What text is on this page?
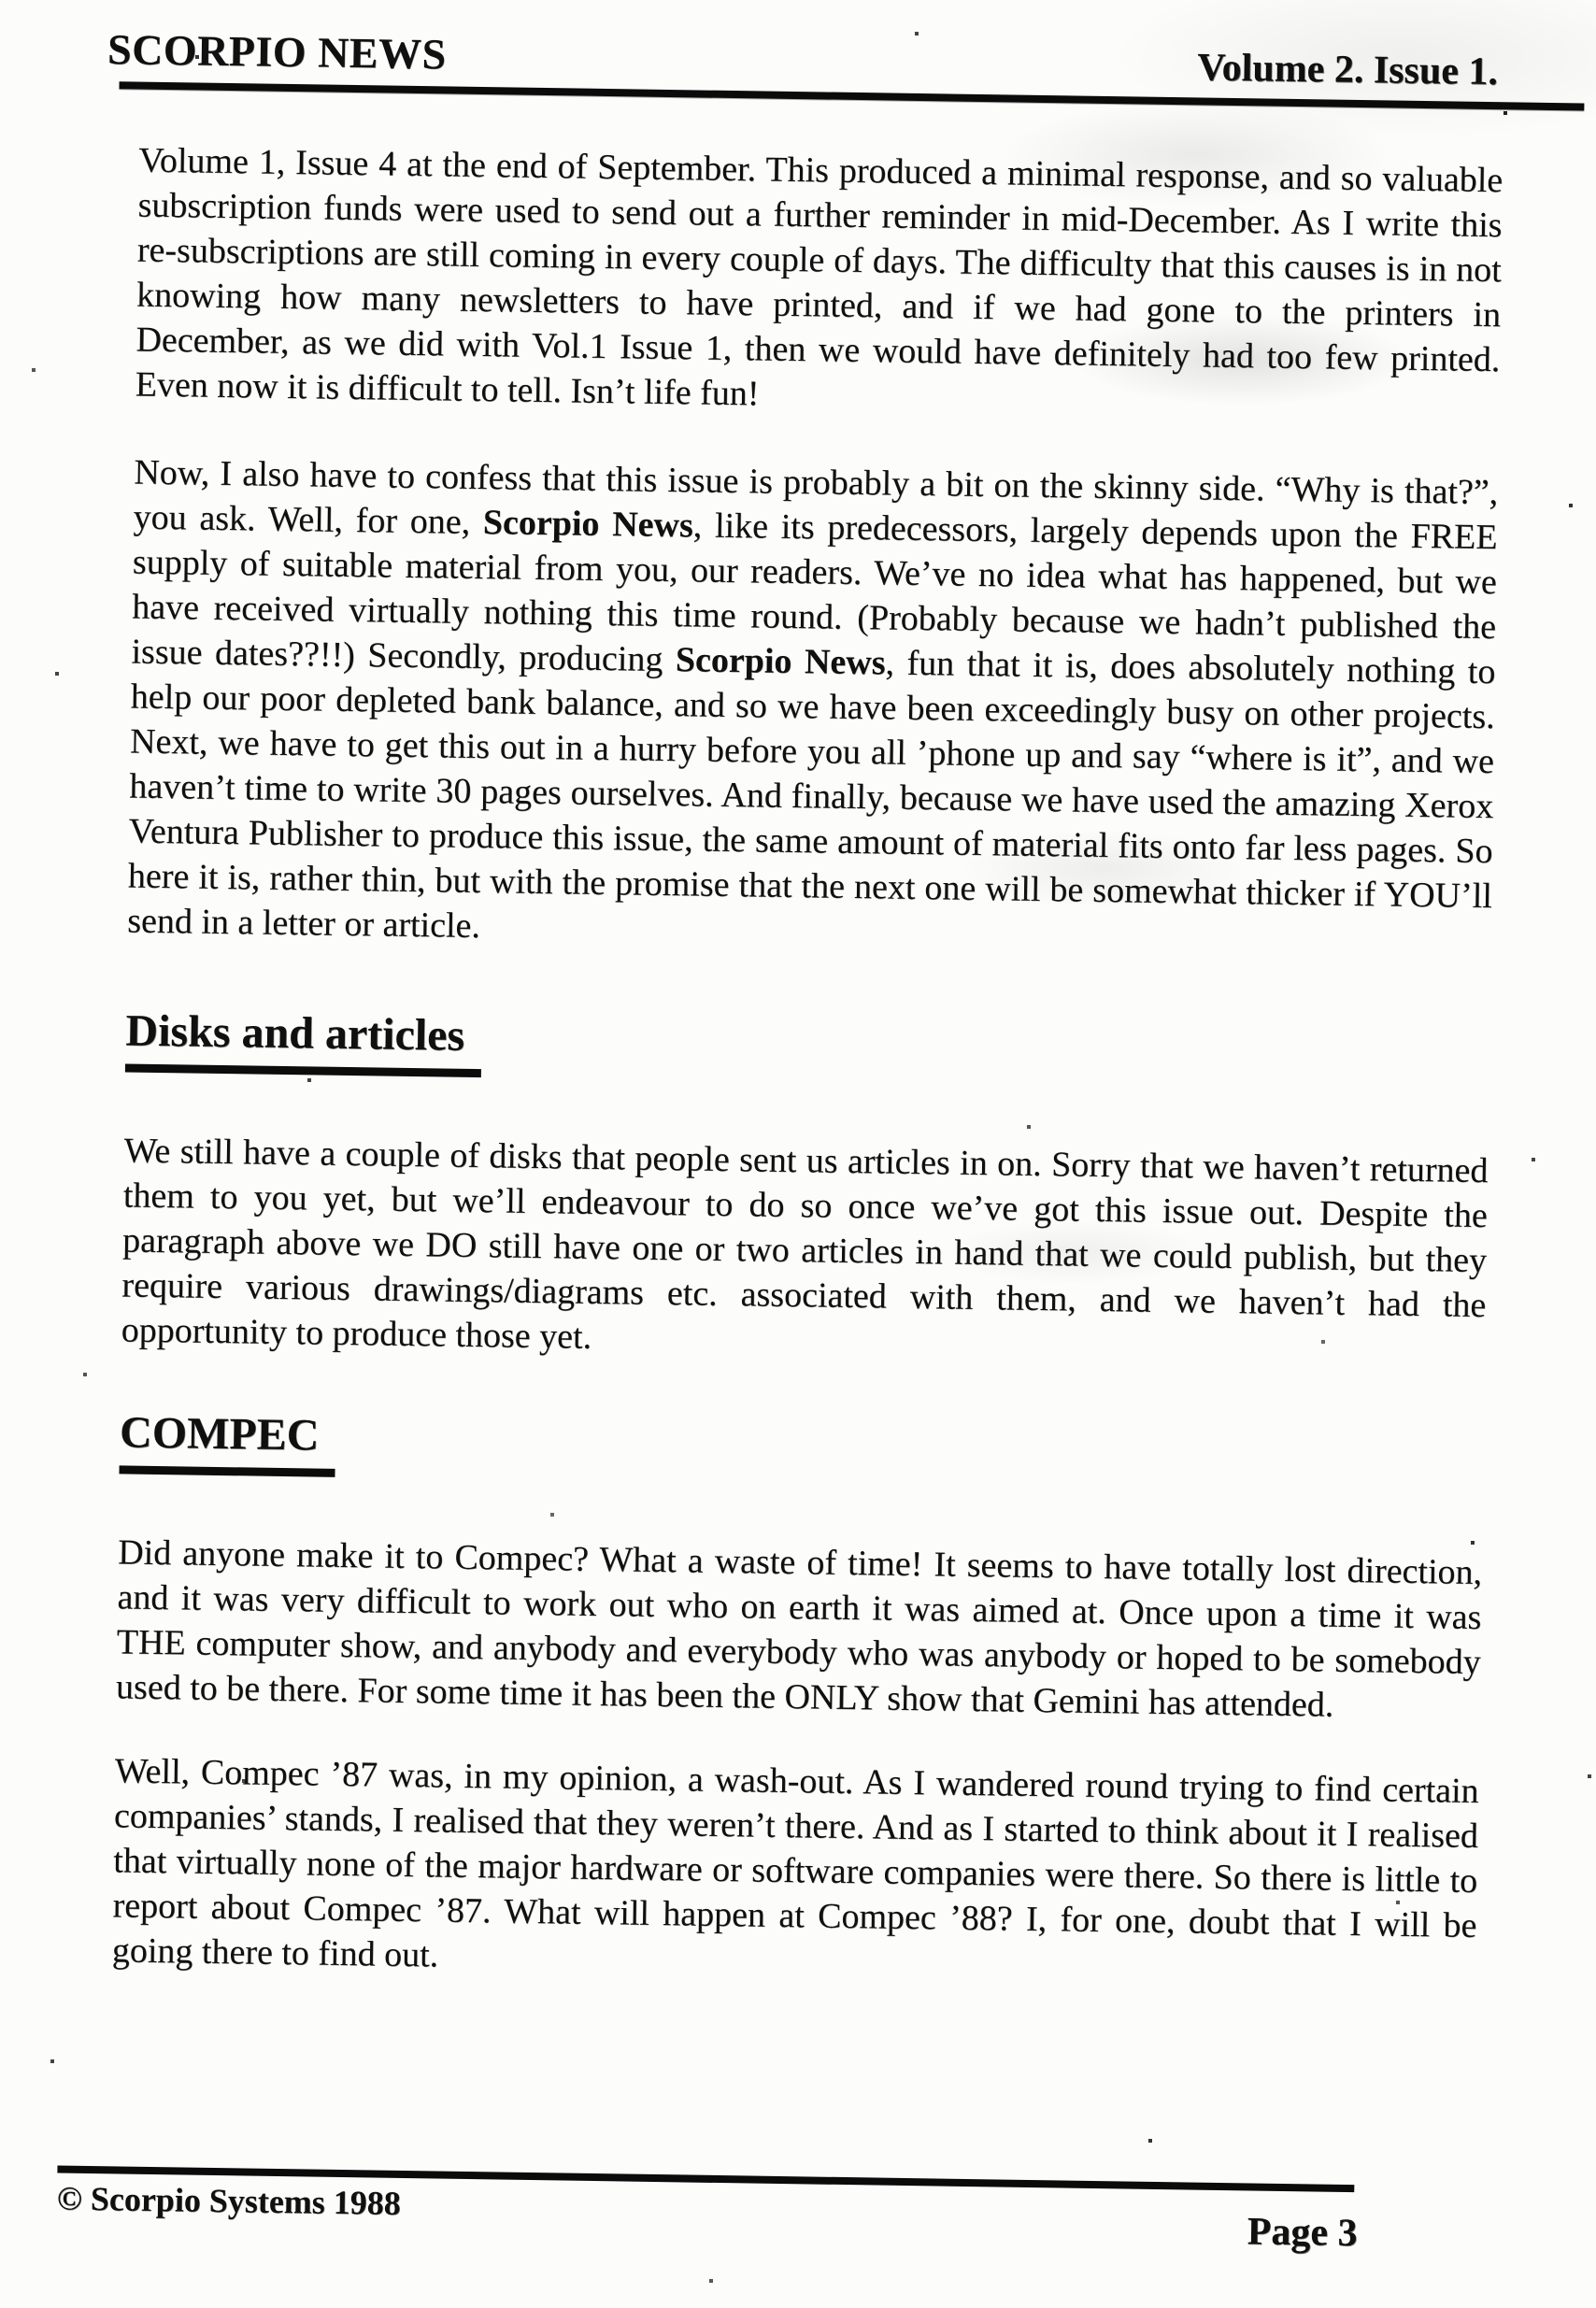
SCORPIO NEWS	Volume 2. Issue 1.

Volume 1, Issue 4 at the end of September. This produced a minimal response, and so valuable subscription funds were used to send out a further reminder in mid-December. As I write this re-subscriptions are still coming in every couple of days. The difficulty that this causes is in not knowing how many newsletters to have printed, and if we had gone to the printers in December, as we did with Vol.1 Issue 1, then we would have definitely had too few printed. Even now it is difficult to tell. Isn’t life fun!

Now, I also have to confess that this issue is probably a bit on the skinny side. “Why is that?”, you ask. Well, for one, Scorpio News, like its predecessors, largely depends upon the FREE supply of suitable material from you, our readers. We’ve no idea what has happened, but we have received virtually nothing this time round. (Probably because we hadn’t published the issue dates??!!) Secondly, producing Scorpio News, fun that it is, does absolutely nothing to help our poor depleted bank balance, and so we have been exceedingly busy on other projects. Next, we have to get this out in a hurry before you all ’phone up and say “where is it”, and we haven’t time to write 30 pages ourselves. And finally, because we have used the amazing Xerox Ventura Publisher to produce this issue, the same amount of material fits onto far less pages. So here it is, rather thin, but with the promise that the next one will be somewhat thicker if YOU’ll send in a letter or article.

Disks and articles

We still have a couple of disks that people sent us articles in on. Sorry that we haven’t returned them to you yet, but we’ll endeavour to do so once we’ve got this issue out. Despite the paragraph above we DO still have one or two articles in hand that we could publish, but they require various drawings/diagrams etc. associated with them, and we haven’t had the opportunity to produce those yet.

COMPEC

Did anyone make it to Compec? What a waste of time! It seems to have totally lost direction, and it was very difficult to work out who on earth it was aimed at. Once upon a time it was THE computer show, and anybody and everybody who was anybody or hoped to be somebody used to be there. For some time it has been the ONLY show that Gemini has attended.

Well, Compec ’87 was, in my opinion, a wash-out. As I wandered round trying to find certain companies’ stands, I realised that they weren’t there. And as I started to think about it I realised that virtually none of the major hardware or software companies were there. So there is little to report about Compec ’87. What will happen at Compec ’88? I, for one, doubt that I will be going there to find out.

© Scorpio Systems 1988
Page 3
